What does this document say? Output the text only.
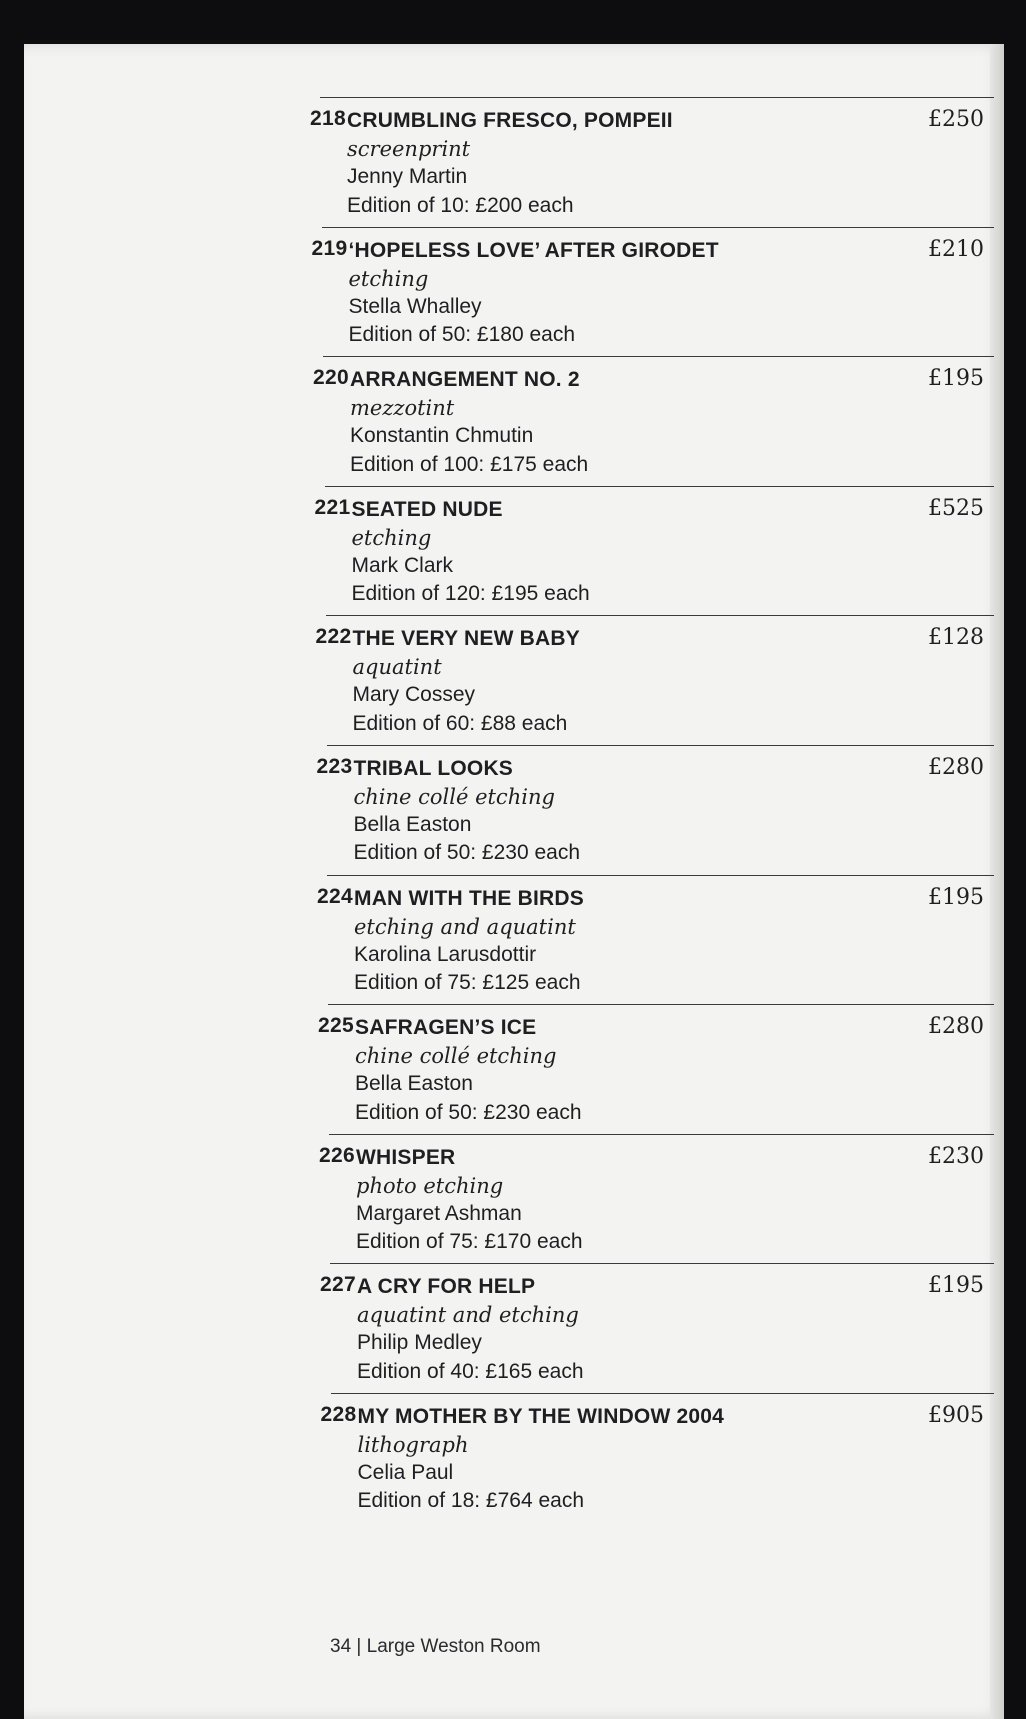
218 CRUMBLING FRESCO, POMPEII
screenprint
Jenny Martin
Edition of 10: £200 each
£250
219 ‘HOPELESS LOVE’ AFTER GIRODET
etching
Stella Whalley
Edition of 50: £180 each
£210
220 ARRANGEMENT NO. 2
mezzotint
Konstantin Chmutin
Edition of 100: £175 each
£195
221 SEATED NUDE
etching
Mark Clark
Edition of 120: £195 each
£525
222 THE VERY NEW BABY
aquatint
Mary Cossey
Edition of 60: £88 each
£128
223 TRIBAL LOOKS
chine collé etching
Bella Easton
Edition of 50: £230 each
£280
224 MAN WITH THE BIRDS
etching and aquatint
Karolina Larusdottir
Edition of 75: £125 each
£195
225 SAFRAGEN’S ICE
chine collé etching
Bella Easton
Edition of 50: £230 each
£280
226 WHISPER
photo etching
Margaret Ashman
Edition of 75: £170 each
£230
227 A CRY FOR HELP
aquatint and etching
Philip Medley
Edition of 40: £165 each
£195
228 MY MOTHER BY THE WINDOW 2004
lithograph
Celia Paul
Edition of 18: £764 each
£905
34 | Large Weston Room
